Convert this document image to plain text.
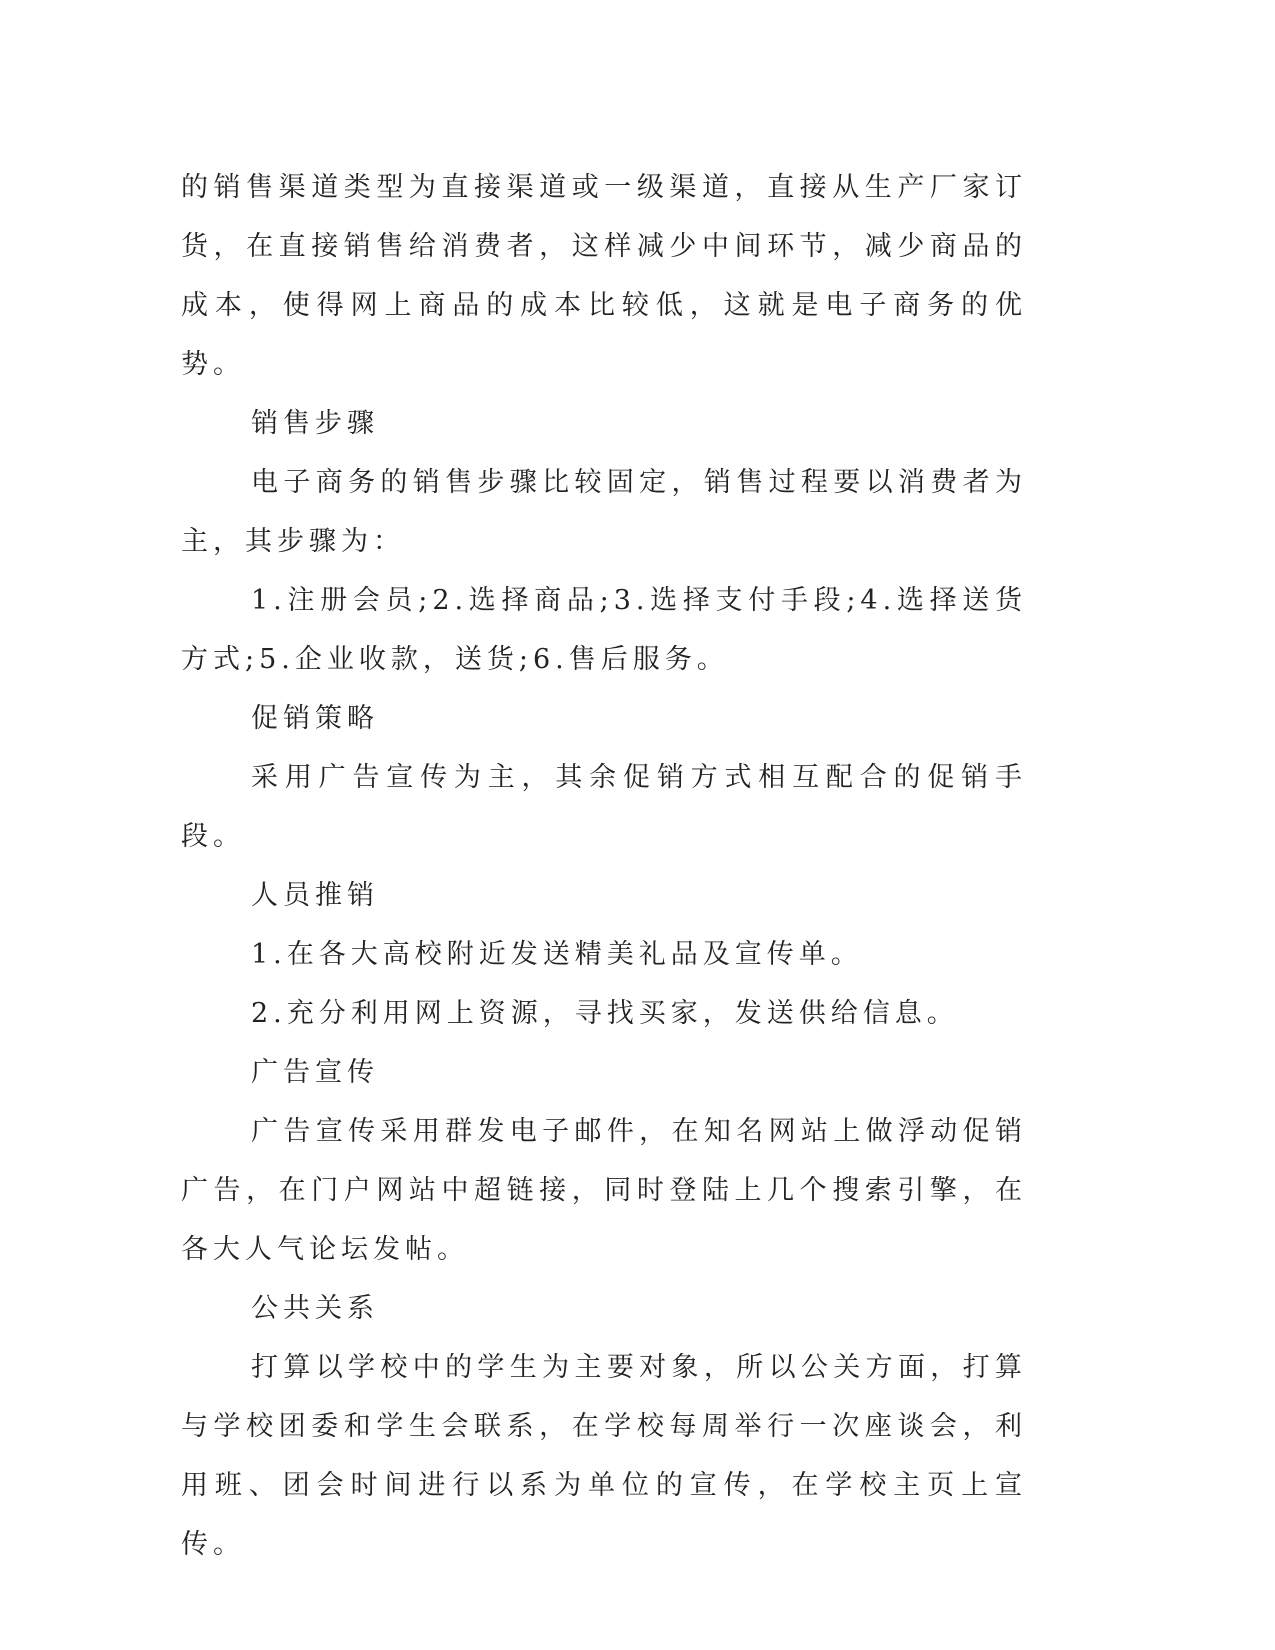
的销售渠道类型为直接渠道或一级渠道，直接从生产厂家订货，在直接销售给消费者，这样减少中间环节，减少商品的成本，使得网上商品的成本比较低，这就是电子商务的优势。

销售步骤

电子商务的销售步骤比较固定，销售过程要以消费者为主，其步骤为：

1.注册会员;2.选择商品;3.选择支付手段;4.选择送货方式;5.企业收款，送货;6.售后服务。

促销策略

采用广告宣传为主，其余促销方式相互配合的促销手段。

人员推销

1.在各大高校附近发送精美礼品及宣传单。

2.充分利用网上资源，寻找买家，发送供给信息。

广告宣传

广告宣传采用群发电子邮件，在知名网站上做浮动促销广告，在门户网站中超链接，同时登陆上几个搜索引擎，在各大人气论坛发帖。

公共关系

打算以学校中的学生为主要对象，所以公关方面，打算与学校团委和学生会联系，在学校每周举行一次座谈会，利用班、团会时间进行以系为单位的宣传，在学校主页上宣传。
